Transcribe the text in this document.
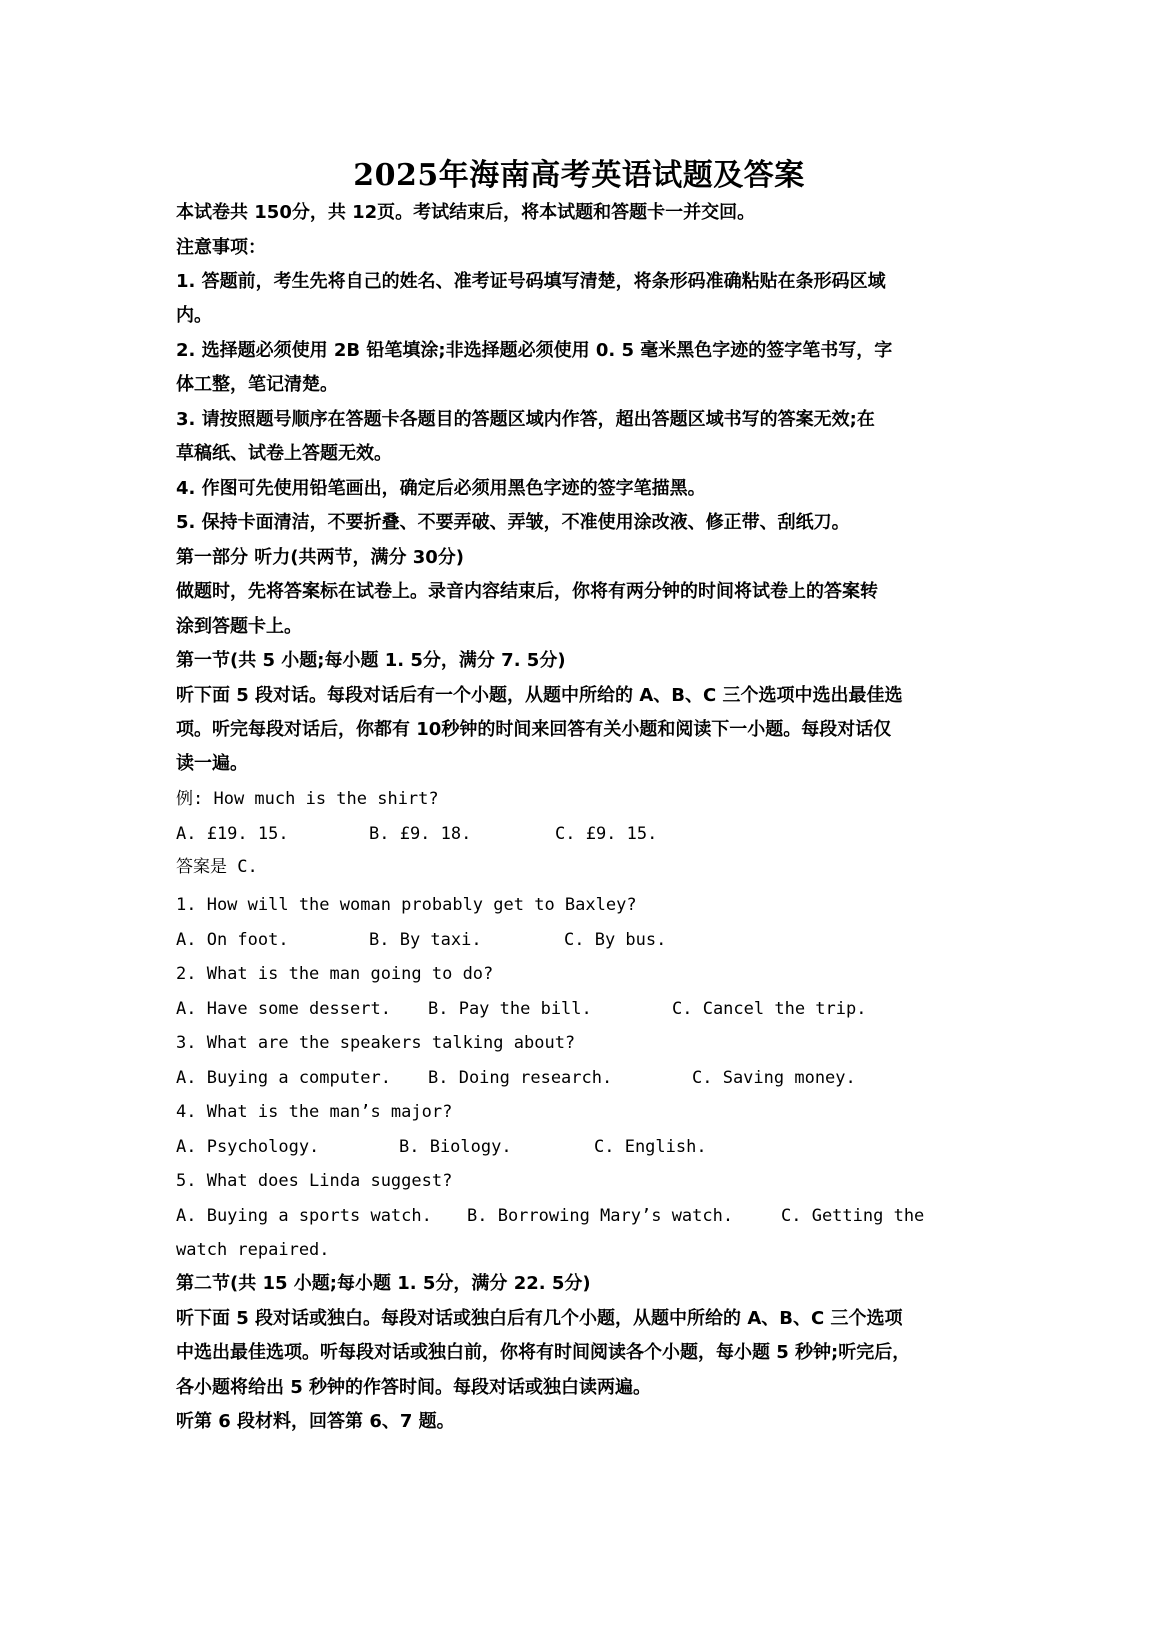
2025年海南高考英语试题及答案
本试卷共 150分，共 12页。考试结束后，将本试题和答题卡一并交回。
注意事项：
1. 答题前，考生先将自己的姓名、准考证号码填写清楚，将条形码准确粘贴在条形码区域
内。
2. 选择题必须使用 2B 铅笔填涂;非选择题必须使用 0. 5 毫米黑色字迹的签字笔书写，字
体工整，笔记清楚。
3. 请按照题号顺序在答题卡各题目的答题区域内作答，超出答题区域书写的答案无效;在
草稿纸、试卷上答题无效。
4. 作图可先使用铅笔画出，确定后必须用黑色字迹的签字笔描黑。
5. 保持卡面清洁，不要折叠、不要弄破、弄皱，不准使用涂改液、修正带、刮纸刀。
第一部分 听力(共两节，满分 30分)
做题时，先将答案标在试卷上。录音内容结束后，你将有两分钟的时间将试卷上的答案转
涂到答题卡上。
第一节(共 5 小题;每小题 1. 5分，满分 7. 5分)
听下面 5 段对话。每段对话后有一个小题，从题中所给的 A、B、C 三个选项中选出最佳选
项。听完每段对话后，你都有 10秒钟的时间来回答有关小题和阅读下一小题。每段对话仅
读一遍。
例: How much is the shirt?
A. £19. 15.	B. £9. 18.	C. £9. 15.
答案是 C.
1. How will the woman probably get to Baxley?
A. On foot.	B. By taxi.	C. By bus.
2. What is the man going to do?
A. Have some dessert. B. Pay the bill.	C. Cancel the trip.
3. What are the speakers talking about?
A. Buying a computer. B. Doing research.	C. Saving money.
4. What is the man’s major?
A. Psychology.	B. Biology.	C. English.
5. What does Linda suggest?
A. Buying a sports watch. B. Borrowing Mary’s watch.	C. Getting the
watch repaired.
第二节(共 15 小题;每小题 1. 5分，满分 22. 5分)
听下面 5 段对话或独白。每段对话或独白后有几个小题，从题中所给的 A、B、C 三个选项
中选出最佳选项。听每段对话或独白前，你将有时间阅读各个小题，每小题 5 秒钟;听完后，
各小题将给出 5 秒钟的作答时间。每段对话或独白读两遍。
听第 6 段材料，回答第 6、7 题。
